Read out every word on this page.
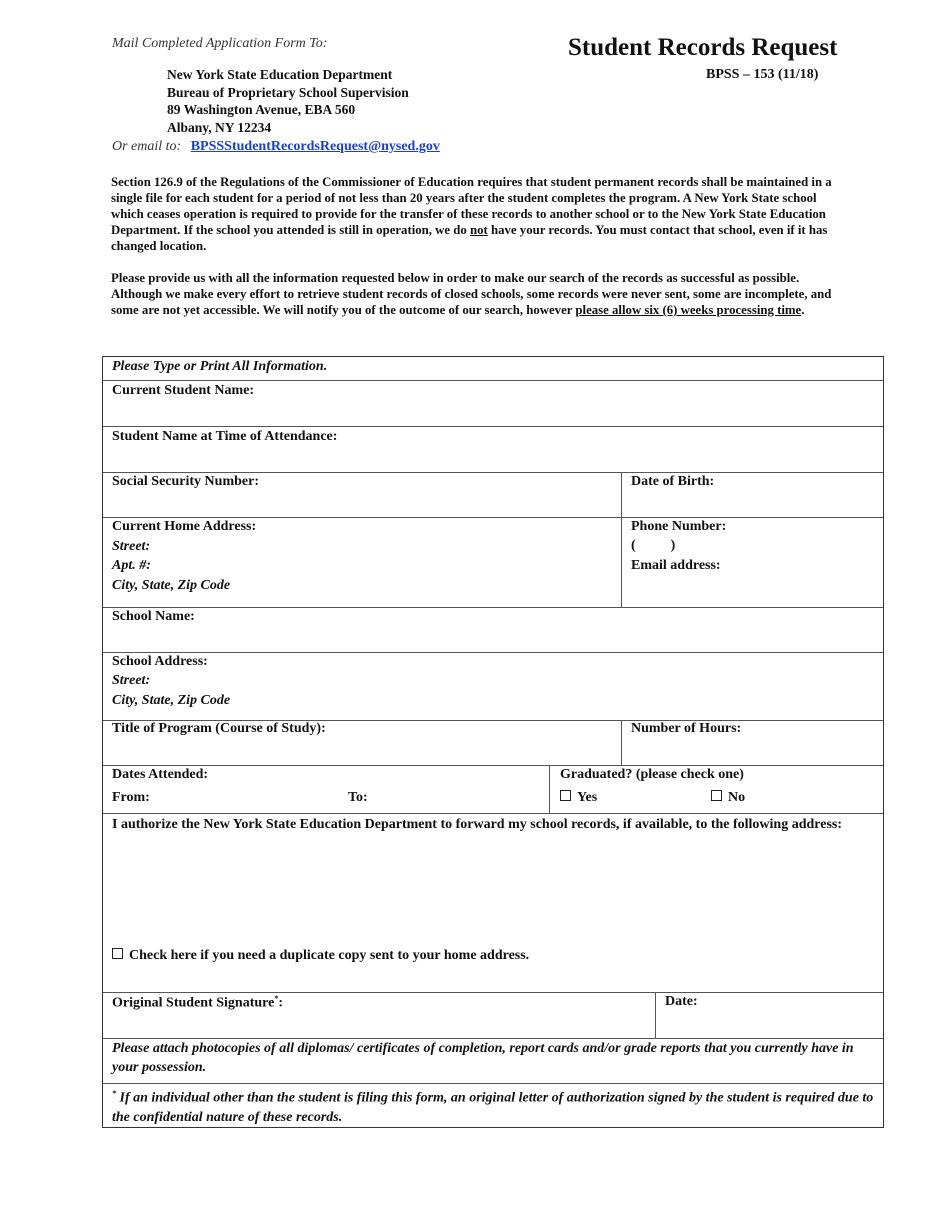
Mail Completed Application Form To:	Student Records Request
BPSS – 153 (11/18)
New York State Education Department
Bureau of Proprietary School Supervision
89 Washington Avenue, EBA 560
Albany, NY 12234
Or email to: BPSSStudentRecordsRequest@nysed.gov
Section 126.9 of the Regulations of the Commissioner of Education requires that student permanent records shall be maintained in a single file for each student for a period of not less than 20 years after the student completes the program. A New York State school which ceases operation is required to provide for the transfer of these records to another school or to the New York State Education Department. If the school you attended is still in operation, we do not have your records. You must contact that school, even if it has changed location.
Please provide us with all the information requested below in order to make our search of the records as successful as possible. Although we make every effort to retrieve student records of closed schools, some records were never sent, some are incomplete, and some are not yet accessible. We will notify you of the outcome of our search, however please allow six (6) weeks processing time.
Please Type or Print All Information.
Current Student Name:
Student Name at Time of Attendance:
Social Security Number:	Date of Birth:
Current Home Address:
Street:
Apt. #:
City, State, Zip Code
Phone Number:
(          )
Email address:
School Name:
School Address:
Street:
City, State, Zip Code
Title of Program (Course of Study):	Number of Hours:
Dates Attended:
From:	To:
Graduated? (please check one)
Yes	No
I authorize the New York State Education Department to forward my school records, if available, to the following address:
Check here if you need a duplicate copy sent to your home address.
Original Student Signature*:	Date:
Please attach photocopies of all diplomas/ certificates of completion, report cards and/or grade reports that you currently have in your possession.
* If an individual other than the student is filing this form, an original letter of authorization signed by the student is required due to the confidential nature of these records.
